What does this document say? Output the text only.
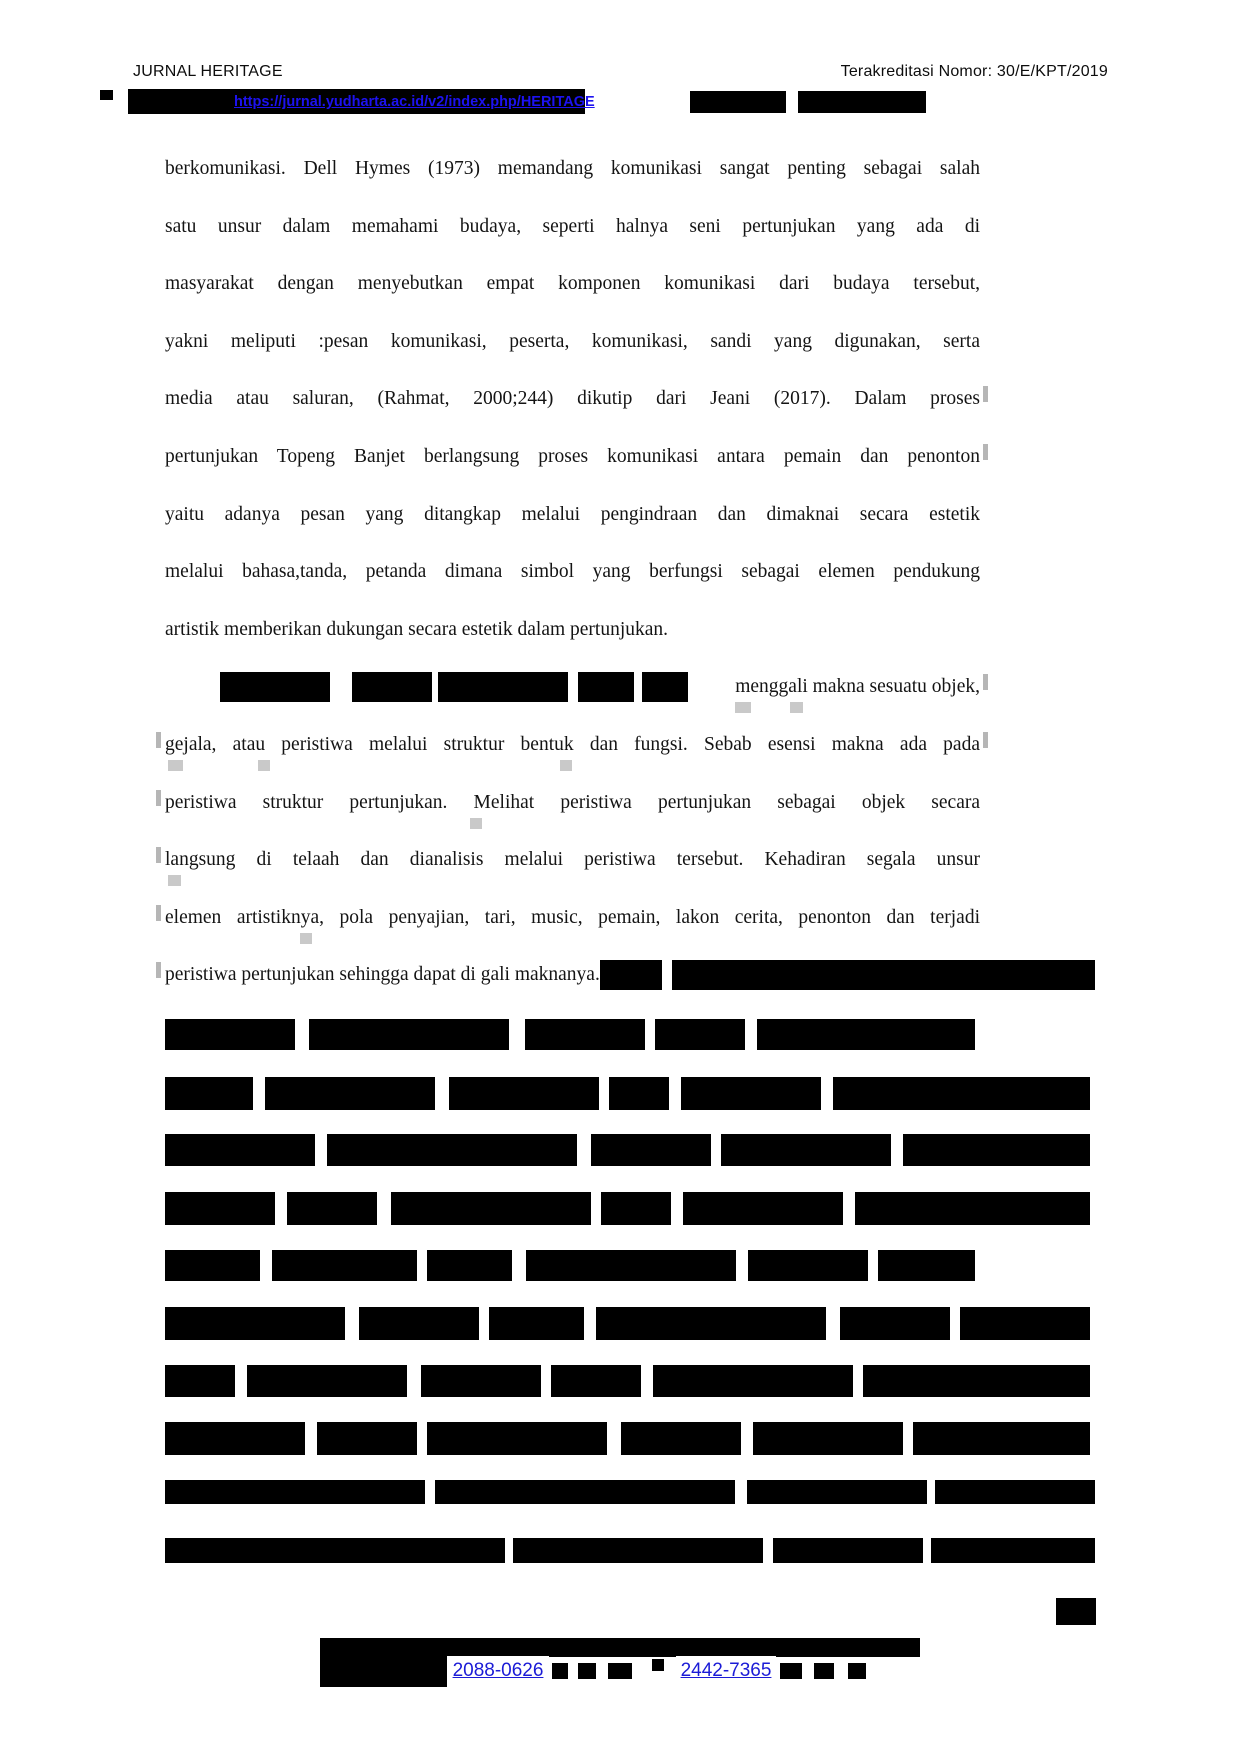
JURNAL HERITAGE	Terakreditasi Nomor: 30/E/KPT/2019
https://jurnal.yudharta.ac.id/v2/index.php/HERITAGE
berkomunikasi. Dell Hymes (1973) memandang komunikasi sangat penting sebagai salah
satu unsur dalam memahami budaya, seperti halnya seni pertunjukan yang ada di
masyarakat dengan menyebutkan empat komponen komunikasi dari budaya tersebut,
yakni meliputi :pesan komunikasi, peserta, komunikasi, sandi yang digunakan, serta
media atau saluran, (Rahmat, 2000;244) dikutip dari Jeani (2017). Dalam proses
pertunjukan Topeng Banjet berlangsung proses komunikasi antara pemain dan penonton
yaitu adanya pesan yang ditangkap melalui pengindraan dan dimaknai secara estetik
melalui bahasa,tanda, petanda dimana simbol yang berfungsi sebagai elemen pendukung
artistik memberikan dukungan secara estetik dalam pertunjukan.
menggali makna sesuatu objek,
gejala, atau peristiwa melalui struktur bentuk dan fungsi. Sebab esensi makna ada pada
peristiwa struktur pertunjukan. Melihat peristiwa pertunjukan sebagai objek secara
langsung di telaah dan dianalisis melalui peristiwa tersebut. Kehadiran segala unsur
elemen artistiknya, pola penyajian, tari, music, pemain, lakon cerita, penonton dan terjadi
peristiwa pertunjukan sehingga dapat di gali maknanya.
2088-0626	2442-7365
